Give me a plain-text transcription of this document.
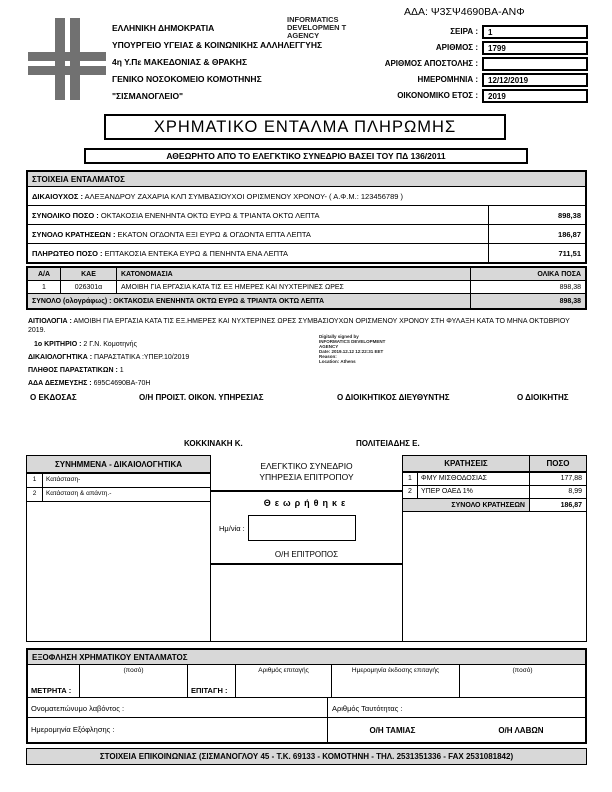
ΕΛΛΗΝΙΚΗ ΔΗΜΟΚΡΑΤΙΑ
ΥΠΟΥΡΓΕΙΟ ΥΓΕΙΑΣ & ΚΟΙΝΩΝΙΚΗΣ ΑΛΛΗΛΕΓΓΥΗΣ
4η Υ.Πε ΜΑΚΕΔΟΝΙΑΣ & ΘΡΑΚΗΣ
ΓΕΝΙΚΟ ΝΟΣΟΚΟΜΕΙΟ ΚΟΜΟΤΗΝΗΣ
"ΣΙΣΜΑΝΟΓΛΕΙΟ"
INFORMATICS DEVELOPMEN T AGENCY
Digitally signed by INFORMATICS DEVELOPMENT AGENCY
Date: 2019.12.12 12:22:31 EET
Reason:
Location: Athens
ΑΔΑ: Ψ3ΣΨ4690ΒΑ-ΑΝΦ
ΣΕΙΡΑ :	1
ΑΡΙΘΜΟΣ :	1799
ΑΡΙΘΜΟΣ ΑΠΟΣΤΟΛΗΣ :
ΗΜΕΡΟΜΗΝΙΑ :	12/12/2019
ΟΙΚΟΝΟΜΙΚΟ ΕΤΟΣ :	2019
ΧΡΗΜΑΤΙΚΟ ΕΝΤΑΛΜΑ ΠΛΗΡΩΜΗΣ
ΑΘΕΩΡΗΤΟ ΑΠΌ ΤΟ ΕΛΕΓΚΤΙΚΟ ΣΥΝΕΔΡΙΟ ΒΑΣΕΙ ΤΟΥ ΠΔ 136/2011
ΣΤΟΙΧΕΙΑ ΕΝΤΑΛΜΑΤΟΣ
ΔΙΚΑΙΟΥΧΟΣ : ΑΛΕΞΑΝΔΡΟΥ ΖΑΧΑΡΙΑ ΚΛΠ ΣΥΜΒΑΣΙΟΥΧΟΙ ΟΡΙΣΜΕΝΟΥ ΧΡΟΝΟΥ- ( Α.Φ.Μ.: 123456789 )
ΣΥΝΟΛΙΚΟ ΠΟΣΟ : ΟΚΤΑΚΟΣΙΑ ΕΝΕΝΗΝΤΑ ΟΚΤΩ ΕΥΡΩ & ΤΡΙΑΝΤΑ ΟΚΤΩ ΛΕΠΤΑ	898,38
ΣΥΝΟΛΟ ΚΡΑΤΗΣΕΩΝ : ΕΚΑΤΟΝ ΟΓΔΟΝΤΑ ΕΞΙ ΕΥΡΩ & ΟΓΔΟΝΤΑ ΕΠΤΑ ΛΕΠΤΑ	186,87
ΠΛΗΡΩΤΕΟ ΠΟΣΟ : ΕΠΤΑΚΟΣΙΑ ΕΝΤΕΚΑ ΕΥΡΩ & ΠΕΝΗΝΤΑ ΕΝΑ ΛΕΠΤΑ	711,51
Α/Α	ΚΑΕ	ΚΑΤΟΝΟΜΑΣΙΑ	ΟΛΙΚΑ ΠΟΣΑ
1	026301α	ΑΜΟΙΒΗ ΓΙΑ ΕΡΓΑΣΙΑ ΚΑΤΑ ΤΙΣ ΕΞ ΗΜΕΡΕΣ ΚΑΙ ΝΥΧΤΕΡΙΝΕΣ ΩΡΕΣ	898,38
ΣΥΝΟΛΟ (ολογράφως) : ΟΚΤΑΚΟΣΙΑ ΕΝΕΝΗΝΤΑ ΟΚΤΩ ΕΥΡΩ & ΤΡΙΑΝΤΑ ΟΚΤΩ ΛΕΠΤΑ	898,38

ΑΙΤΙΟΛΟΓΙΑ : ΑΜΟΙΒΗ ΓΙΑ ΕΡΓΑΣΙΑ ΚΑΤΑ ΤΙΣ ΕΞ.ΗΜΕΡΕΣ ΚΑΙ ΝΥΧΤΕΡΙΝΕΣ ΩΡΕΣ ΣΥΜΒΑΣΙΟΥΧΩΝ ΟΡΙΣΜΕΝΟΥ ΧΡΟΝΟΥ ΣΤΗ ΦΥΛΑΞΗ ΚΑΤΑ ΤΟ ΜΗΝΑ ΟΚΤΩΒΡΙΟΥ 2019.

1ο ΚΡΙΤΗΡΙΟ : 2 Γ.Ν. Κομοτηνής
ΔΙΚΑΙΟΛΟΓΗΤΙΚΑ : ΠΑΡΑΣΤΑΤΙΚΑ :ΥΠΕΡ.10/2019
ΠΛΗΘΟΣ ΠΑΡΑΣΤΑΤΙΚΩΝ : 1
ΑΔΑ ΔΕΣΜΕΥΣΗΣ : 695C4690ΒΑ-70Η
Ο ΕΚΔΟΣΑΣ	Ο/Η ΠΡΟΙΣΤ. ΟΙΚΟΝ. ΥΠΗΡΕΣΙΑΣ	Ο ΔΙΟΙΚΗΤΙΚΟΣ ΔΙΕΥΘΥΝΤΗΣ	Ο ΔΙΟΙΚΗΤΗΣ
ΚΟΚΚΙΝΑΚΗ Κ.	ΠΟΛΙΤΕΙΑΔΗΣ Ε.
ΣΥΝΗΜΜΕΝΑ - ΔΙΚΑΙΟΛΟΓΗΤΙΚΑ
1	Κατάσταση-
2	Κατάσταση & απάντη.-
ΕΛΕΓΚΤΙΚΟ ΣΥΝΕΔΡΙΟ
ΥΠΗΡΕΣΙΑ ΕΠΙΤΡΟΠΟΥ
Θεωρήθηκε
Ημ/νία :
Ο/Η ΕΠΙΤΡΟΠΟΣ
ΚΡΑΤΗΣΕΙΣ	ΠΟΣΟ
1	ΦΜΥ ΜΙΣΘΟΔΟΣΙΑΣ	177,88
2	ΥΠΕΡ ΟΑΕΔ 1%	8,99
ΣΥΝΟΛΟ ΚΡΑΤΗΣΕΩΝ	186,87
ΕΞΟΦΛΗΣΗ ΧΡΗΜΑΤΙΚΟΥ ΕΝΤΑΛΜΑΤΟΣ
ΜΕΤΡΗΤΑ :
(ποσό)
ΕΠΙΤΑΓΗ :
Αριθμός επιταγής	Ημερομηνία έκδοσης επιταγής	(ποσό)
Ονοματεπώνυμο λαβόντος :	Αριθμός Ταυτότητας :
Ημερομηνία Εξόφλησης :	Ο/Η ΤΑΜΙΑΣ	Ο/Η ΛΑΒΩΝ
ΣΤΟΙΧΕΙΑ ΕΠΙΚΟΙΝΩΝΙΑΣ (ΣΙΣΜΑΝΟΓΛΟΥ 45 - Τ.Κ. 69133 - ΚΟΜΟΤΗΝΗ - ΤΗΛ. 2531351336 - FAX 2531081842)
